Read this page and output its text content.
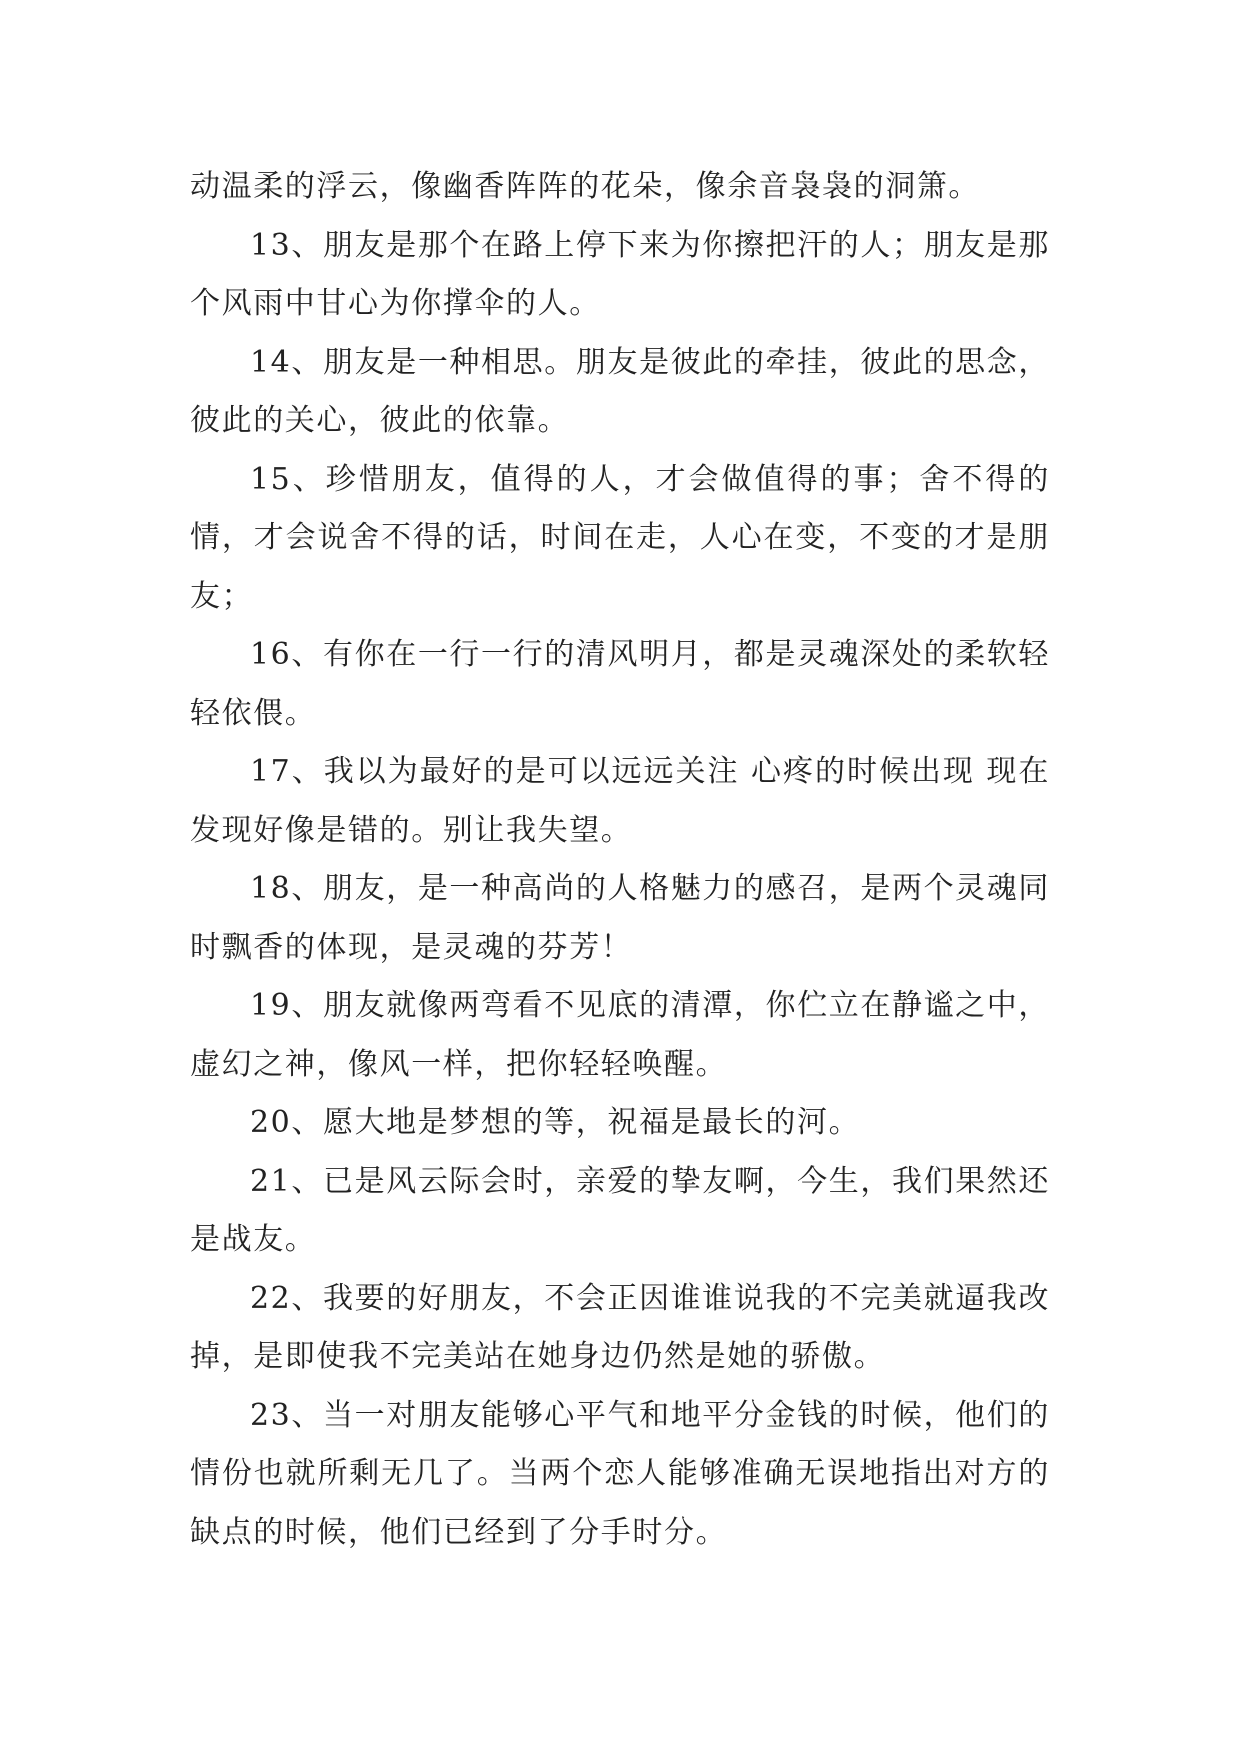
动温柔的浮云，像幽香阵阵的花朵，像余音袅袅的洞箫。

13、朋友是那个在路上停下来为你擦把汗的人；朋友是那个风雨中甘心为你撑伞的人。

14、朋友是一种相思。朋友是彼此的牵挂，彼此的思念，彼此的关心，彼此的依靠。

15、珍惜朋友，值得的人，才会做值得的事；舍不得的情，才会说舍不得的话，时间在走，人心在变，不变的才是朋友；

16、有你在一行一行的清风明月，都是灵魂深处的柔软轻轻依偎。

17、我以为最好的是可以远远关注 心疼的时候出现 现在发现好像是错的。别让我失望。

18、朋友，是一种高尚的人格魅力的感召，是两个灵魂同时飘香的体现，是灵魂的芬芳！

19、朋友就像两弯看不见底的清潭，你伫立在静谧之中，虚幻之神，像风一样，把你轻轻唤醒。

20、愿大地是梦想的等，祝福是最长的河。

21、已是风云际会时，亲爱的挚友啊，今生，我们果然还是战友。

22、我要的好朋友，不会正因谁谁说我的不完美就逼我改掉，是即使我不完美站在她身边仍然是她的骄傲。

23、当一对朋友能够心平气和地平分金钱的时候，他们的情份也就所剩无几了。当两个恋人能够准确无误地指出对方的缺点的时候，他们已经到了分手时分。
